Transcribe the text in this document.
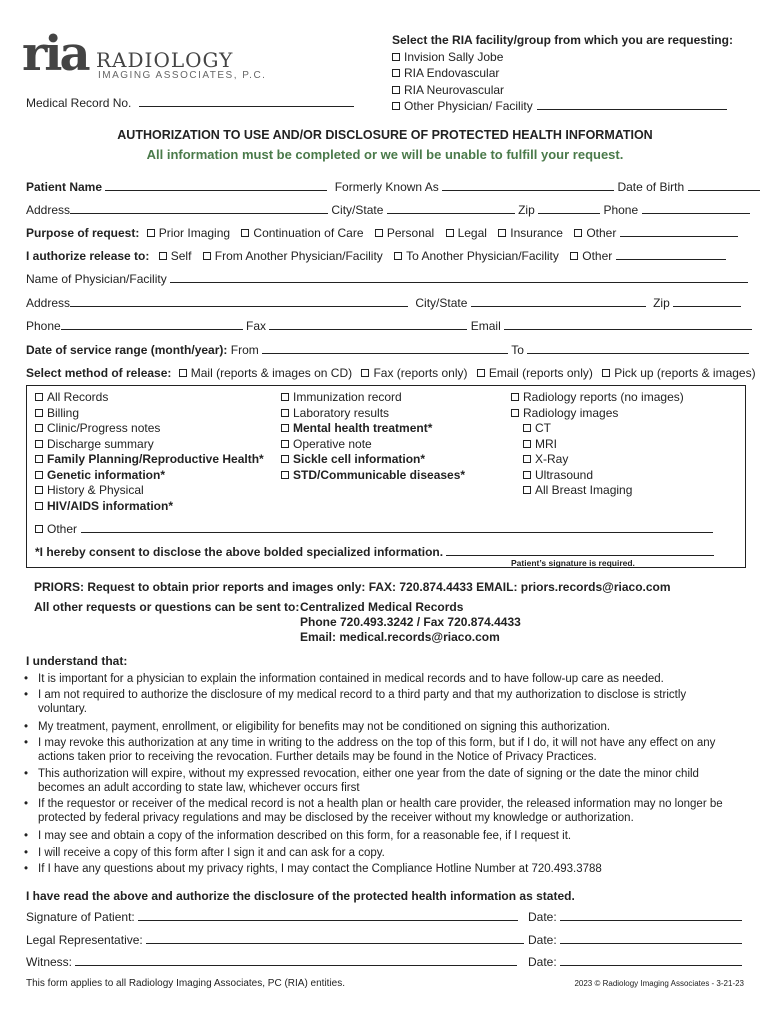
ria RADIOLOGY
IMAGING ASSOCIATES, P.C.
Medical Record No.
Select the RIA facility/group from which you are requesting:
Invision Sally Jobe
RIA Endovascular
RIA Neurovascular
Other Physician/ Facility
AUTHORIZATION TO USE AND/OR DISCLOSURE OF PROTECTED HEALTH INFORMATION
All information must be completed or we will be unable to fulfill your request.
Patient Name	Formerly Known As	Date of Birth
Address	City/State	Zip	Phone
Purpose of request: Prior Imaging Continuation of Care Personal Legal Insurance Other
I authorize release to: Self From Another Physician/Facility To Another Physician/Facility Other
Name of Physician/Facility
Address	City/State	Zip
Phone	Fax	Email
Date of service range (month/year): From	To
Select method of release: Mail (reports & images on CD) Fax (reports only) Email (reports only) Pick up (reports & images)
All Records
Billing
Clinic/Progress notes
Discharge summary
Family Planning/Reproductive Health*
Genetic information*
History & Physical
HIV/AIDS information*
Immunization record
Laboratory results
Mental health treatment*
Operative note
Sickle cell information*
STD/Communicable diseases*
Radiology reports (no images)
Radiology images
CT
MRI
X-Ray
Ultrasound
All Breast Imaging
Other
*I hereby consent to disclose the above bolded specialized information.
Patient’s signature is required.
PRIORS: Request to obtain prior reports and images only: FAX: 720.874.4433 EMAIL: priors.records@riaco.com
All other requests or questions can be sent to: Centralized Medical Records
Phone 720.493.3242 / Fax 720.874.4433
Email: medical.records@riaco.com
I understand that:
• It is important for a physician to explain the information contained in medical records and to have follow-up care as needed.
• I am not required to authorize the disclosure of my medical record to a third party and that my authorization to disclose is strictly
voluntary.
• My treatment, payment, enrollment, or eligibility for benefits may not be conditioned on signing this authorization.
• I may revoke this authorization at any time in writing to the address on the top of this form, but if I do, it will not have any effect on any
actions taken prior to receiving the revocation. Further details may be found in the Notice of Privacy Practices.
• This authorization will expire, without my expressed revocation, either one year from the date of signing or the date the minor child
becomes an adult according to state law, whichever occurs first
• If the requestor or receiver of the medical record is not a health plan or health care provider, the released information may no longer be
protected by federal privacy regulations and may be disclosed by the receiver without my knowledge or authorization.
• I may see and obtain a copy of the information described on this form, for a reasonable fee, if I request it.
• I will receive a copy of this form after I sign it and can ask for a copy.
• If I have any questions about my privacy rights, I may contact the Compliance Hotline Number at 720.493.3788
I have read the above and authorize the disclosure of the protected health information as stated.
Signature of Patient:	Date:
Legal Representative:	Date:
Witness:	Date:
This form applies to all Radiology Imaging Associates, PC (RIA) entities.	2023 © Radiology Imaging Associates - 3-21-23
